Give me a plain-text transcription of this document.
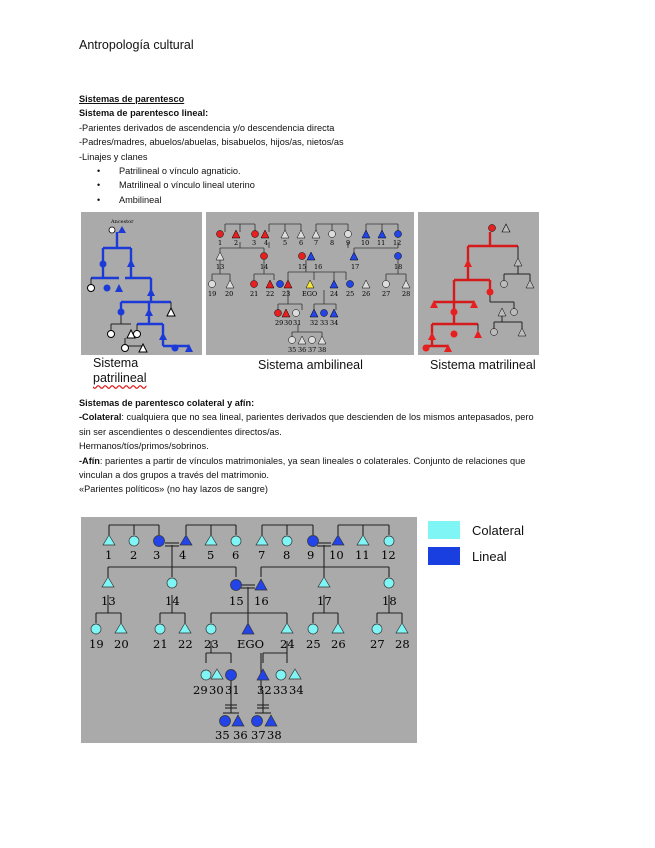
Antropología cultural
Sistemas de parentesco
Sistema de parentesco lineal:
-Parientes derivados de ascendencia y/o descendencia directa
-Padres/madres, abuelos/abuelas, bisabuelos, hijos/as, nietos/as
-Linajes y clanes
• Patrilineal o vínculo agnaticio.
• Matrilineal o vínculo lineal uterino
• Ambilineal
Ancestor
1 2 3 4 5 6 7 8 9 10 11 12
13	14	15 16	17	18
19 20	21 22 23 EGO 24 25 26 27 28
29 30 31 32 33 34
35 36 37 38
Sistema
patrilineal
Sistema ambilineal	Sistema matrilineal
Sistemas de parentesco colateral y afín:
-Colateral: cualquiera que no sea lineal, parientes derivados que descienden de los mismos antepasados, pero
sin ser ascendientes o descendientes directos/as.
Hermanos/tíos/primos/sobrinos.
-Afín: parientes a partir de vínculos matrimoniales, ya sean lineales o colaterales. Conjunto de relaciones que
vinculan a dos grupos a través del matrimonio.
«Parientes políticos» (no hay lazos de sangre)
1 2 3 4 5 6 7 8 9 10 11 12
13	14	15 16	17	18
19 20 21 22 23 EGO 24 25 26 27 28
29 30 31 32 33 34
35 36 37 38
Colateral
Lineal
